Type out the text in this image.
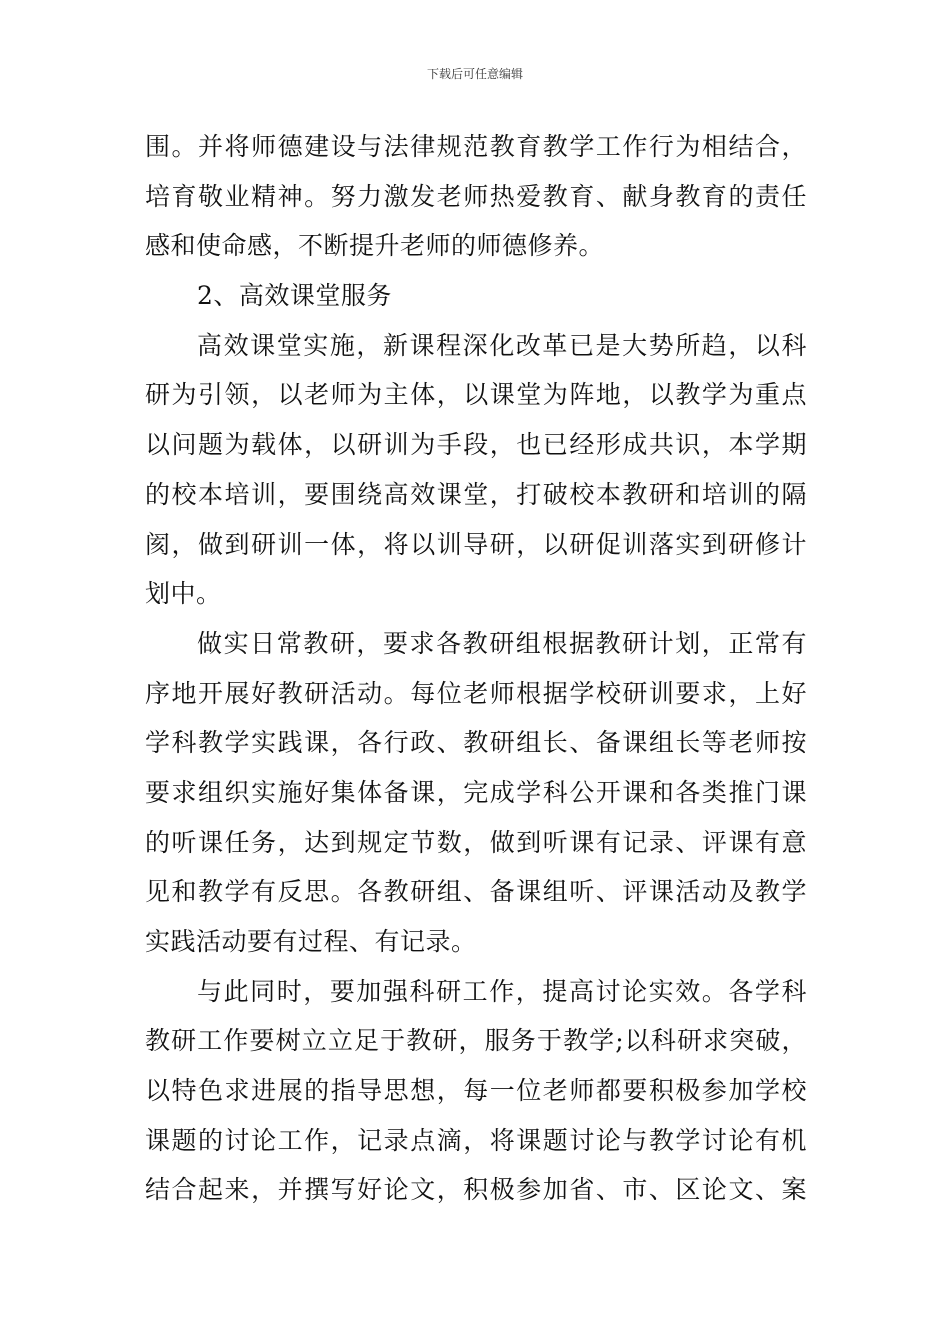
下载后可任意编辑
围。并将师德建设与法律规范教育教学工作行为相结合，
培育敬业精神。努力激发老师热爱教育、献身教育的责任
感和使命感，不断提升老师的师德修养。
2、高效课堂服务
高效课堂实施，新课程深化改革已是大势所趋，以科
研为引领，以老师为主体，以课堂为阵地，以教学为重点
以问题为载体，以研训为手段，也已经形成共识，本学期
的校本培训，要围绕高效课堂，打破校本教研和培训的隔
阂，做到研训一体，将以训导研，以研促训落实到研修计
划中。
做实日常教研，要求各教研组根据教研计划，正常有
序地开展好教研活动。每位老师根据学校研训要求，上好
学科教学实践课，各行政、教研组长、备课组长等老师按
要求组织实施好集体备课，完成学科公开课和各类推门课
的听课任务，达到规定节数，做到听课有记录、评课有意
见和教学有反思。各教研组、备课组听、评课活动及教学
实践活动要有过程、有记录。
与此同时，要加强科研工作，提高讨论实效。各学科
教研工作要树立立足于教研，服务于教学;以科研求突破，
以特色求进展的指导思想，每一位老师都要积极参加学校
课题的讨论工作，记录点滴，将课题讨论与教学讨论有机
结合起来，并撰写好论文，积极参加省、市、区论文、案
